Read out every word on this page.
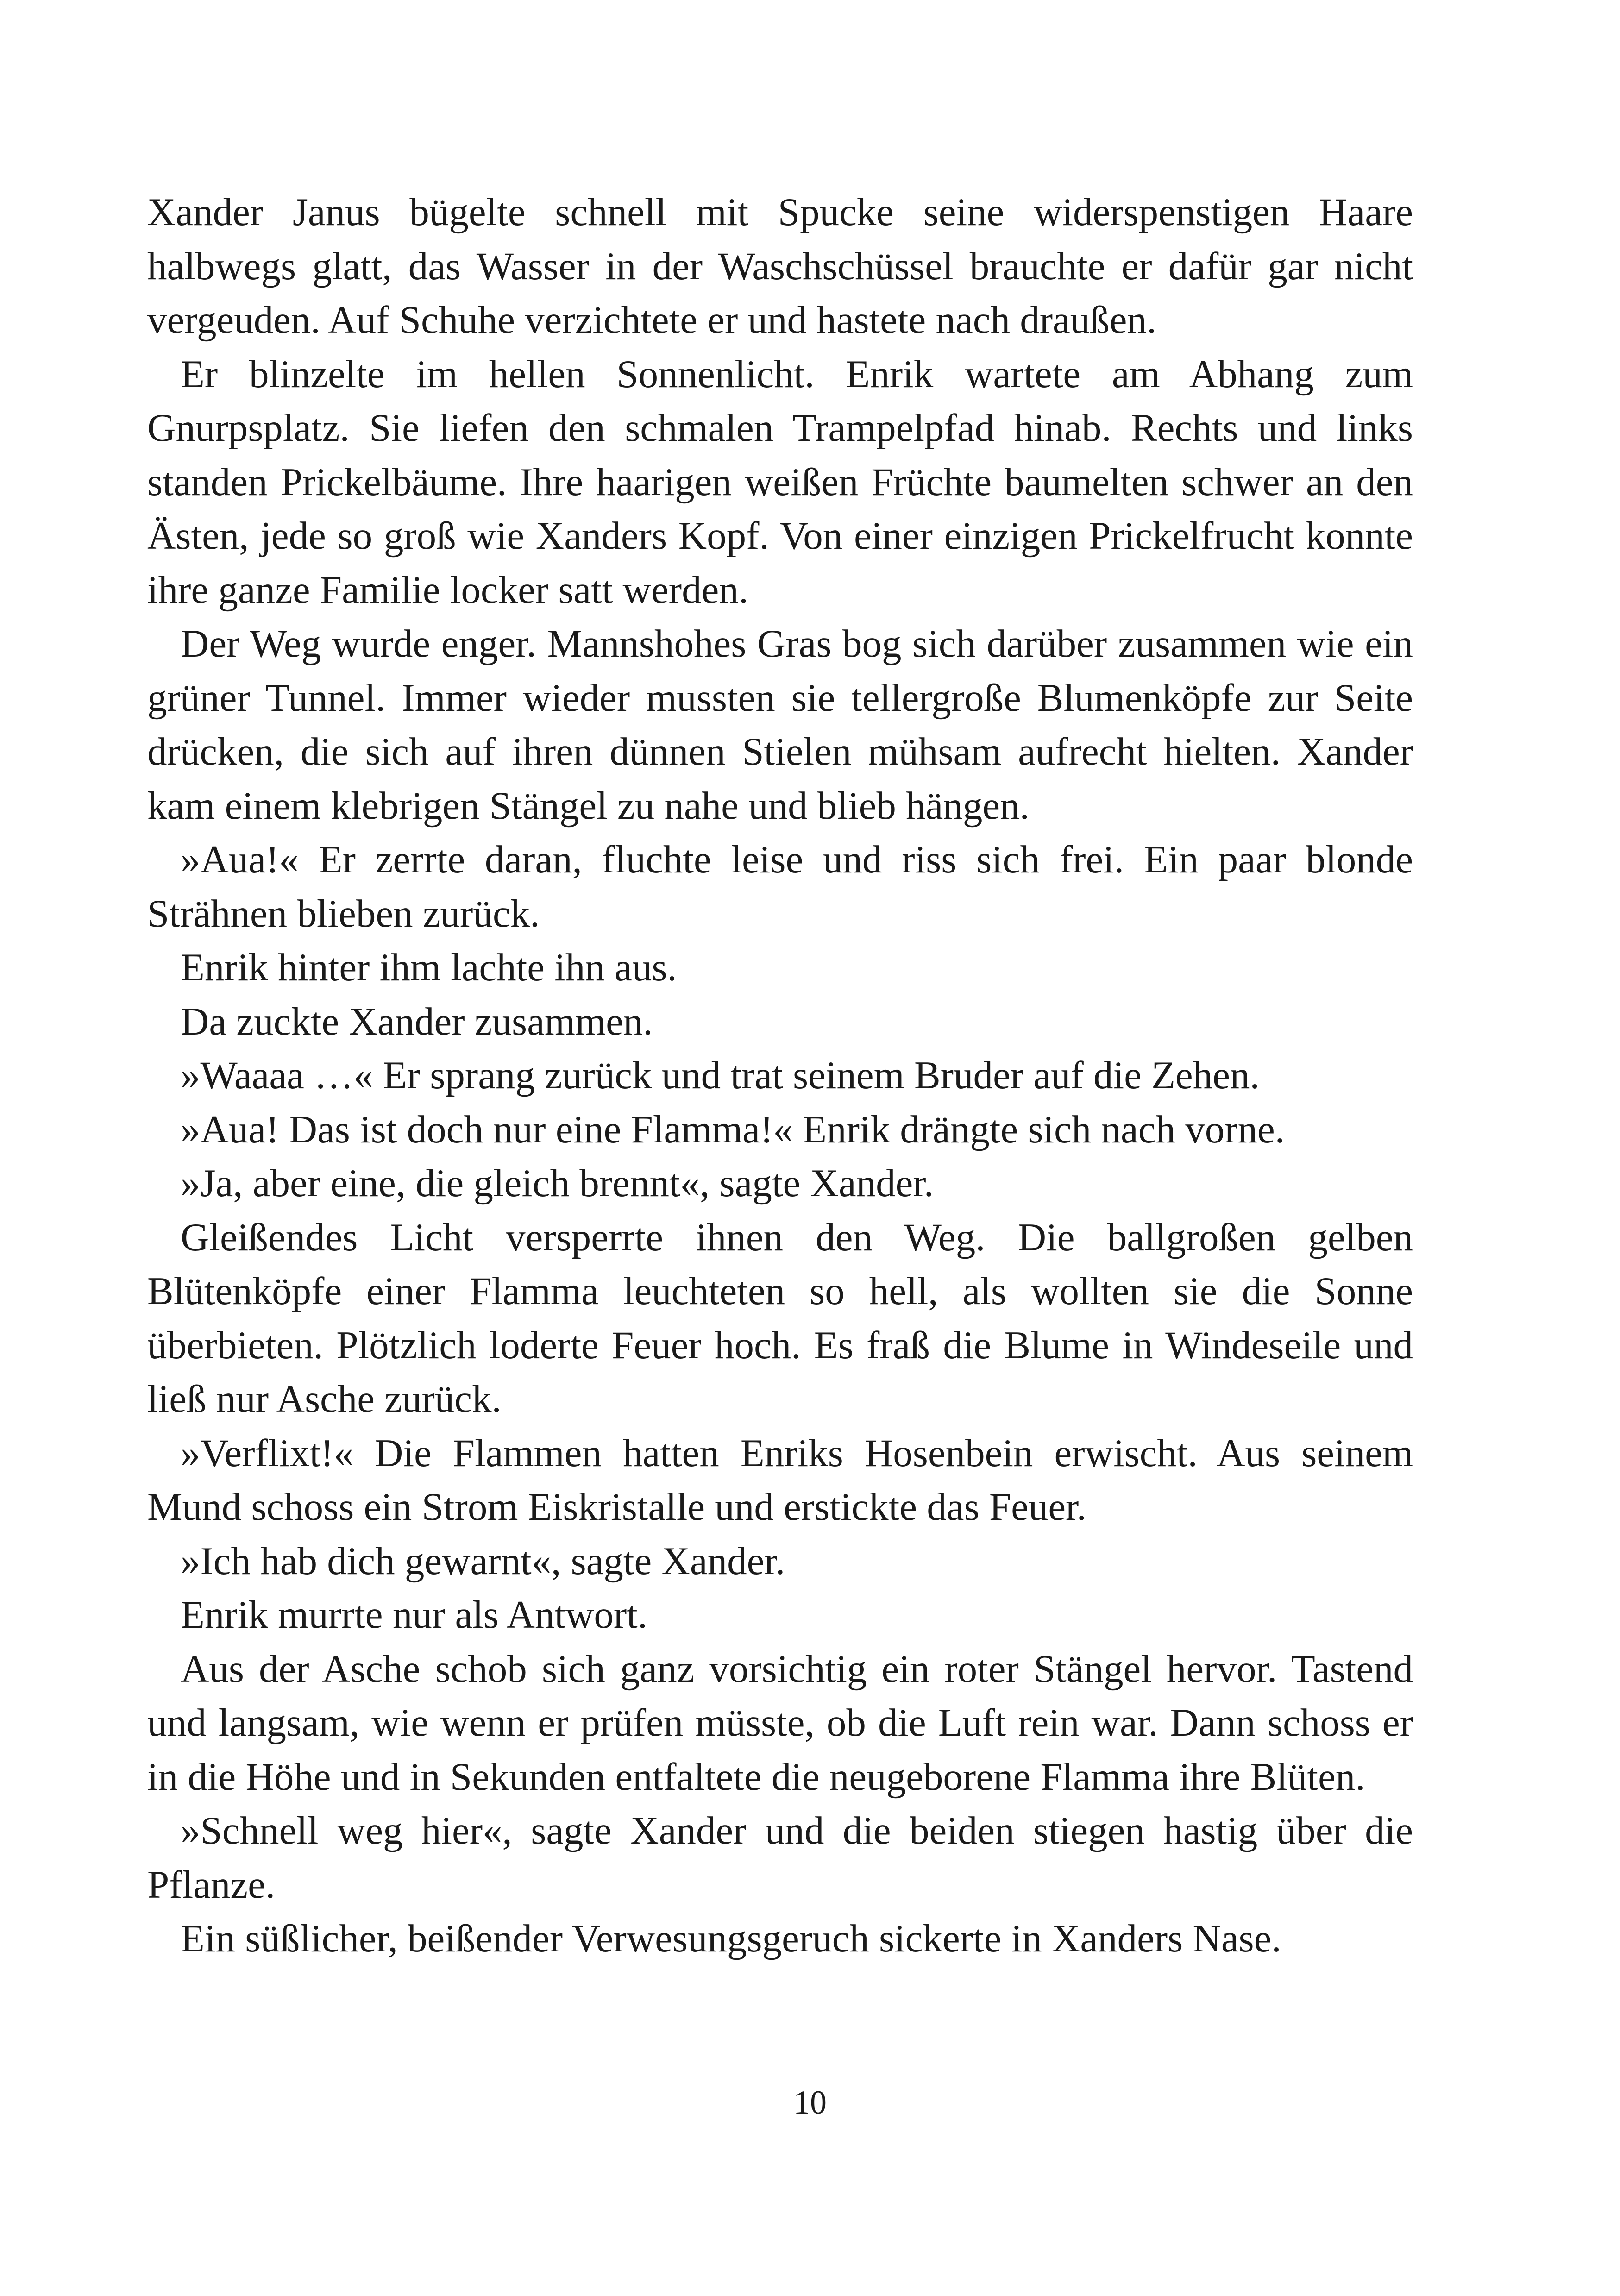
Xander Janus bügelte schnell mit Spucke seine widerspenstigen Haare halbwegs glatt, das Wasser in der Waschschüssel brauchte er dafür gar nicht vergeuden. Auf Schuhe verzichtete er und hastete nach draußen.

Er blinzelte im hellen Sonnenlicht. Enrik wartete am Abhang zum Gnurpsplatz. Sie liefen den schmalen Trampelpfad hinab. Rechts und links standen Prickelbäume. Ihre haarigen weißen Früchte baumelten schwer an den Ästen, jede so groß wie Xanders Kopf. Von einer einzigen Prickelfrucht konnte ihre ganze Familie locker satt werden.

Der Weg wurde enger. Mannshohes Gras bog sich darüber zusammen wie ein grüner Tunnel. Immer wieder mussten sie tellergroße Blumenköpfe zur Seite drücken, die sich auf ihren dünnen Stielen mühsam aufrecht hielten. Xander kam einem klebrigen Stängel zu nahe und blieb hängen.

»Aua!« Er zerrte daran, fluchte leise und riss sich frei. Ein paar blonde Strähnen blieben zurück.

Enrik hinter ihm lachte ihn aus.

Da zuckte Xander zusammen.

»Waaaa …« Er sprang zurück und trat seinem Bruder auf die Zehen.

»Aua! Das ist doch nur eine Flamma!« Enrik drängte sich nach vorne.

»Ja, aber eine, die gleich brennt«, sagte Xander.

Gleißendes Licht versperrte ihnen den Weg. Die ballgroßen gelben Blütenköpfe einer Flamma leuchteten so hell, als wollten sie die Sonne überbieten. Plötzlich loderte Feuer hoch. Es fraß die Blume in Windeseile und ließ nur Asche zurück.

»Verflixt!« Die Flammen hatten Enriks Hosenbein erwischt. Aus seinem Mund schoss ein Strom Eiskristalle und erstickte das Feuer.

»Ich hab dich gewarnt«, sagte Xander.

Enrik murrte nur als Antwort.

Aus der Asche schob sich ganz vorsichtig ein roter Stängel hervor. Tastend und langsam, wie wenn er prüfen müsste, ob die Luft rein war. Dann schoss er in die Höhe und in Sekunden entfaltete die neugeborene Flamma ihre Blüten.

»Schnell weg hier«, sagte Xander und die beiden stiegen hastig über die Pflanze.

Ein süßlicher, beißender Verwesungsgeruch sickerte in Xanders Nase.

10
